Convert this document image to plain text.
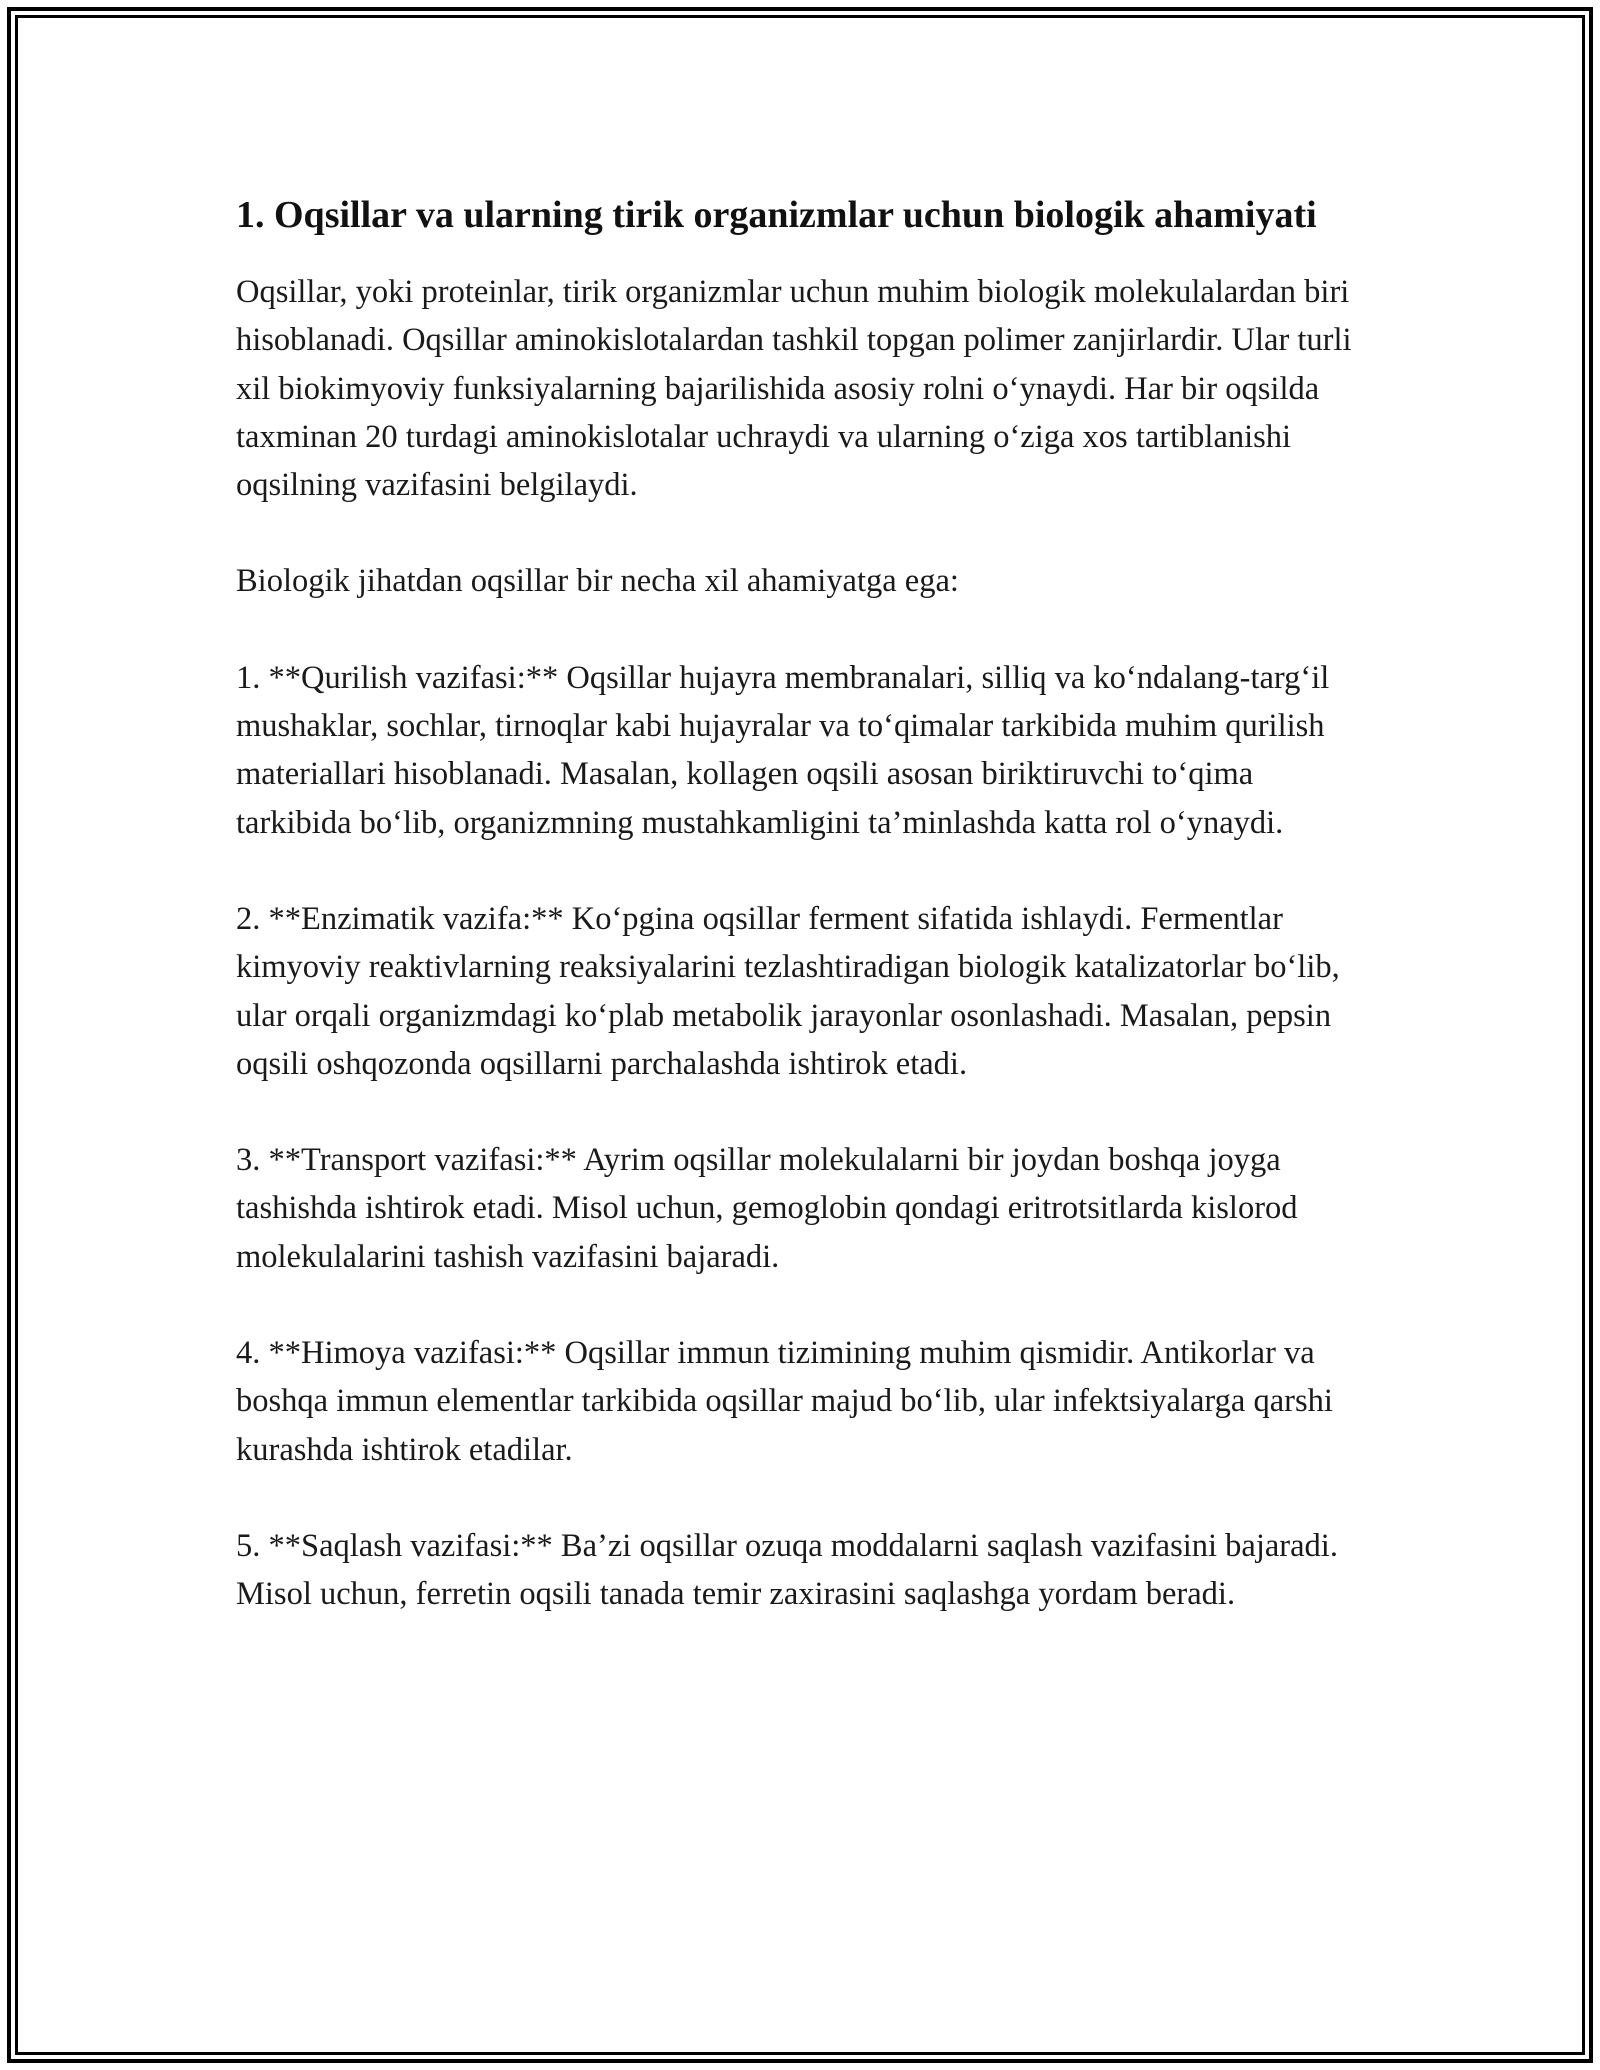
1. Oqsillar va ularning tirik organizmlar uchun biologik ahamiyati

Oqsillar, yoki proteinlar, tirik organizmlar uchun muhim biologik molekulalardan biri hisoblanadi. Oqsillar aminokislotalardan tashkil topgan polimer zanjirlardir. Ular turli xil biokimyoviy funksiyalarning bajarilishida asosiy rolni o‘ynaydi. Har bir oqsilda taxminan 20 turdagi aminokislotalar uchraydi va ularning o‘ziga xos tartiblanishi oqsilning vazifasini belgilaydi.

Biologik jihatdan oqsillar bir necha xil ahamiyatga ega:

1. **Qurilish vazifasi:** Oqsillar hujayra membranalari, silliq va ko‘ndalang-targ‘il mushaklar, sochlar, tirnoqlar kabi hujayralar va to‘qimalar tarkibida muhim qurilish materiallari hisoblanadi. Masalan, kollagen oqsili asosan biriktiruvchi to‘qima tarkibida bo‘lib, organizmning mustahkamligini ta’minlashda katta rol o‘ynaydi.

2. **Enzimatik vazifa:** Ko‘pgina oqsillar ferment sifatida ishlaydi. Fermentlar kimyoviy reaktivlarning reaksiyalarini tezlashtiradigan biologik katalizatorlar bo‘lib, ular orqali organizmdagi ko‘plab metabolik jarayonlar osonlashadi. Masalan, pepsin oqsili oshqozonda oqsillarni parchalashda ishtirok etadi.

3. **Transport vazifasi:** Ayrim oqsillar molekulalarni bir joydan boshqa joyga tashishda ishtirok etadi. Misol uchun, gemoglobin qondagi eritrotsitlarda kislorod molekulalarini tashish vazifasini bajaradi.

4. **Himoya vazifasi:** Oqsillar immun tizimining muhim qismidir. Antikorlar va boshqa immun elementlar tarkibida oqsillar majud bo‘lib, ular infektsiyalarga qarshi kurashda ishtirok etadilar.

5. **Saqlash vazifasi:** Ba’zi oqsillar ozuqa moddalarni saqlash vazifasini bajaradi. Misol uchun, ferretin oqsili tanada temir zaxirasini saqlashga yordam beradi.
